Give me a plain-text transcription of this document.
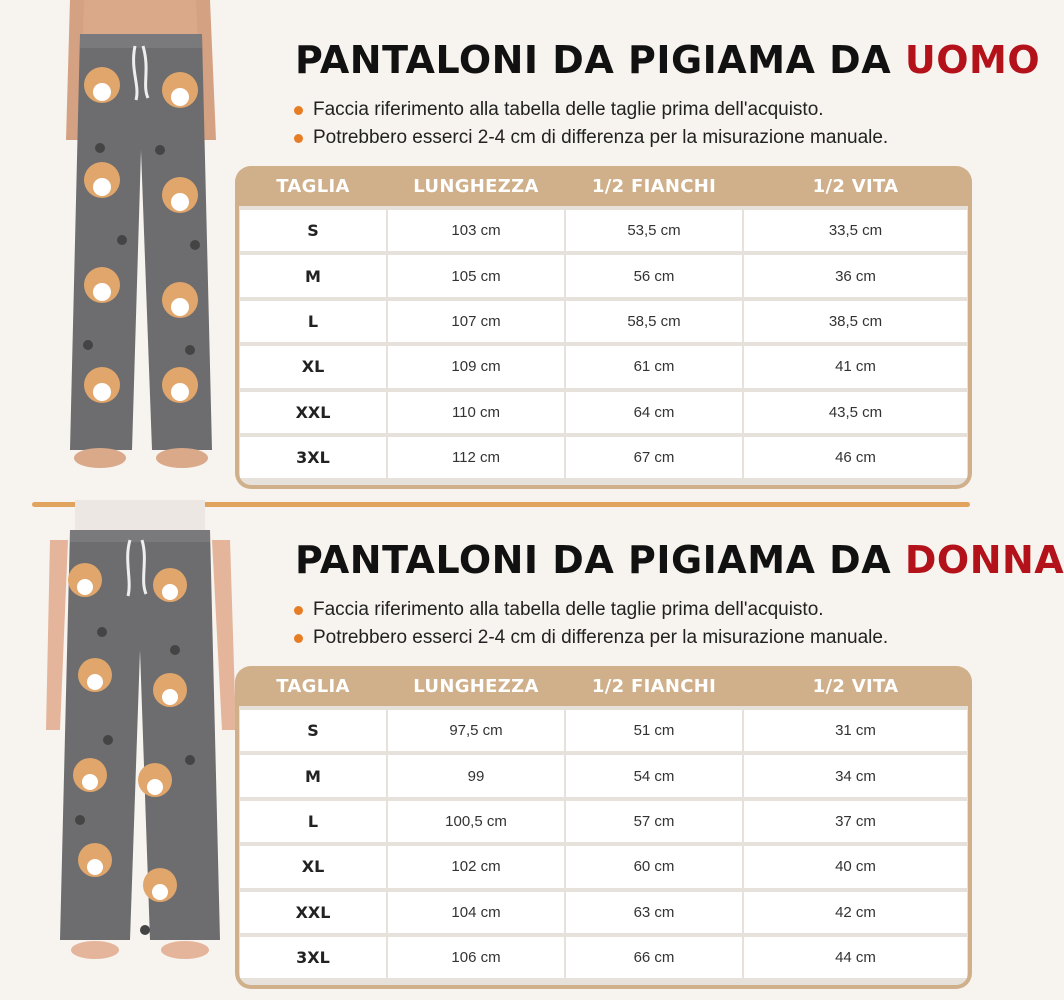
PANTALONI DA PIGIAMA DA UOMO
Faccia riferimento alla tabella delle taglie prima dell'acquisto.
Potrebbero esserci 2-4 cm di differenza per la misurazione manuale.
TAGLIA	LUNGHEZZA	1/2 FIANCHI	1/2 VITA
S	103 cm	53,5 cm	33,5 cm
M	105 cm	56 cm	36 cm
L	107 cm	58,5 cm	38,5 cm
XL	109 cm	61 cm	41 cm
XXL	110 cm	64 cm	43,5 cm
3XL	112 cm	67 cm	46 cm
PANTALONI DA PIGIAMA DA DONNA
Faccia riferimento alla tabella delle taglie prima dell'acquisto.
Potrebbero esserci 2-4 cm di differenza per la misurazione manuale.
TAGLIA	LUNGHEZZA	1/2 FIANCHI	1/2 VITA
S	97,5 cm	51 cm	31 cm
M	99	54 cm	34 cm
L	100,5 cm	57 cm	37 cm
XL	102 cm	60 cm	40 cm
XXL	104 cm	63 cm	42 cm
3XL	106 cm	66 cm	44 cm
